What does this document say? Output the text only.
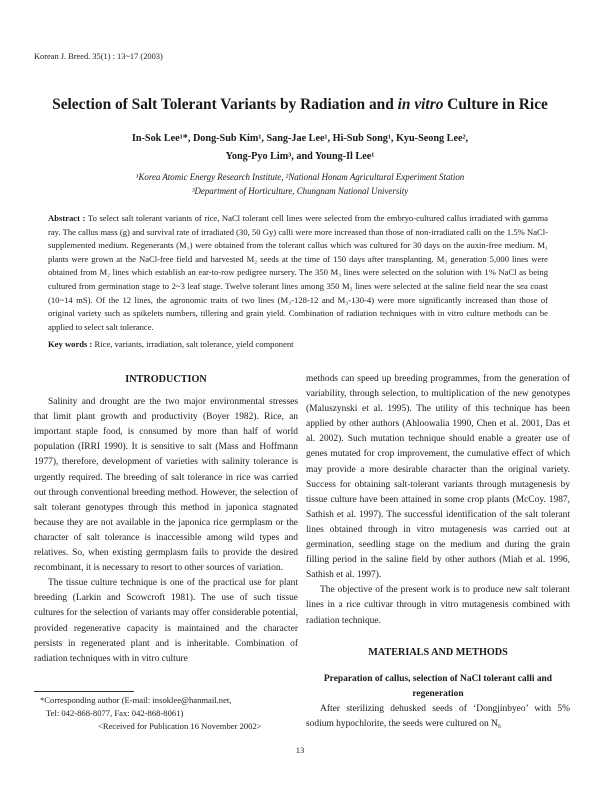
Korean J. Breed. 35(1) : 13~17 (2003)
Selection of Salt Tolerant Variants by Radiation and in vitro Culture in Rice
In-Sok Lee¹*, Dong-Sub Kim¹, Sang-Jae Lee¹, Hi-Sub Song¹, Kyu-Seong Lee²,
Yong-Pyo Lim³, and Young-Il Lee¹
¹Korea Atomic Energy Research Institute, ²National Honam Agricultural Experiment Station
³Department of Horticulture, Chungnam National University
Abstract : To select salt tolerant variants of rice, NaCl tolerant cell lines were selected from the embryo-cultured callus irradiated with gamma ray. The callus mass (g) and survival rate of irradiated (30, 50 Gy) calli were more increased than those of non-irradiated calli on the 1.5% NaCl-supplemented medium. Regenerants (M₁) were obtained from the tolerant callus which was cultured for 30 days on the auxin-free medium. M₁ plants were grown at the NaCl-free field and harvested M₂ seeds at the time of 150 days after transplanting. M₃ generation 5,000 lines were obtained from M₂ lines which establish an ear-to-row pedigree nursery. The 350 M₃ lines were selected on the solution with 1% NaCl as being cultured from germination stage to 2~3 leaf stage. Twelve tolerant lines among 350 M₃ lines were selected at the saline field near the sea coast (10~14 mS). Of the 12 lines, the agronomic traits of two lines (M₃-128-12 and M₃-130-4) were more significantly increased than those of original variety such as spikelets numbers, tillering and grain yield. Combination of radiation techniques with in vitro culture methods can be applied to select salt tolerance.
Key words : Rice, variants, irradiation, salt tolerance, yield component

INTRODUCTION

Salinity and drought are the two major environmental stresses that limit plant growth and productivity (Boyer 1982). Rice, an important staple food, is consumed by more than half of world population (IRRI 1990). It is sensitive to salt (Mass and Hoffmann 1977), therefore, development of varieties with salinity tolerance is urgently required. The breeding of salt tolerance in rice was carried out through conventional breeding method. However, the selection of salt tolerant genotypes through this method in japonica stagnated because they are not available in the japonica rice germplasm or the character of salt tolerance is inaccessible among wild types and relatives. So, when existing germplasm fails to provide the desired recombinant, it is necessary to resort to other sources of variation.

The tissue culture technique is one of the practical use for plant breeding (Larkin and Scowcroft 1981). The use of such tissue cultures for the selection of variants may offer considerable potential, provided regenerative capacity is maintained and the character persists in regenerated plant and is inheritable. Combination of radiation techniques with in vitro culture

methods can speed up breeding programmes, from the generation of variability, through selection, to multiplication of the new genotypes (Maluszynski et al. 1995). The utility of this technique has been applied by other authors (Ahloowalia 1990, Chen et al. 2001, Das et al. 2002). Such mutation technique should enable a greater use of genes mutated for crop improvement, the cumulative effect of which may provide a more desirable character than the original variety. Success for obtaining salt-tolerant variants through mutagenesis by tissue culture have been attained in some crop plants (McCoy. 1987, Sathish et al. 1997). The successful identification of the salt tolerant lines obtained through in vitro mutagenesis was carried out at germination, seedling stage on the medium and during the grain filling period in the saline field by other authors (Miah et al. 1996, Sathish et al. 1997).

The objective of the present work is to produce new salt tolerant lines in a rice cultivar through in vitro mutagenesis combined with radiation technique.

MATERIALS AND METHODS

Preparation of callus, selection of NaCl tolerant calli and regeneration

After sterilizing dehusked seeds of ‘Dongjinbyeo’ with 5% sodium hypochlorite, the seeds were cultured on N₆

*Corresponding author (E-mail: insoklee@hanmail.net,
Tel: 042-868-8077, Fax: 042-868-8061)
<Received for Publication 16 November 2002>
13
